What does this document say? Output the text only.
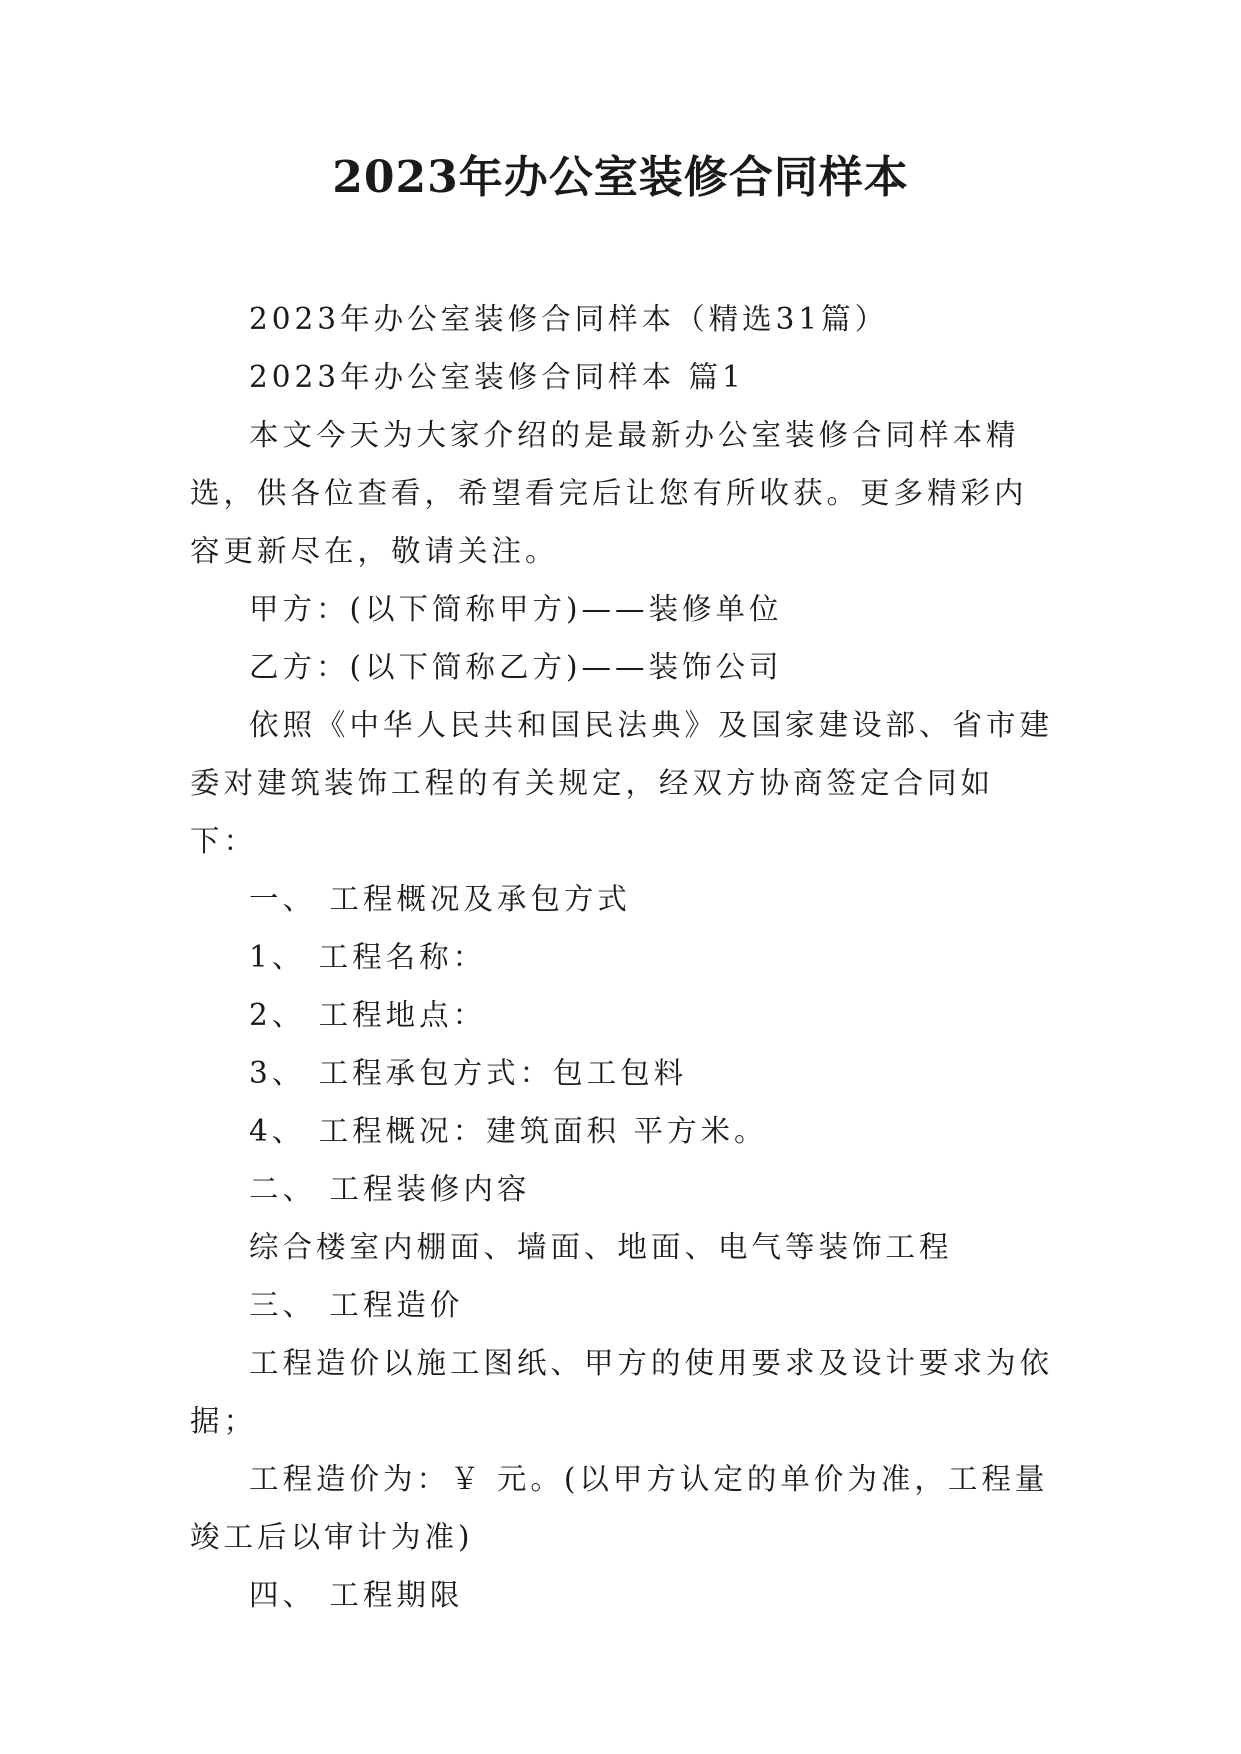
2023年办公室装修合同样本

2023年办公室装修合同样本（精选31篇）

2023年办公室装修合同样本 篇1

本文今天为大家介绍的是最新办公室装修合同样本精选，供各位查看，希望看完后让您有所收获。更多精彩内容更新尽在，敬请关注。

甲方：(以下简称甲方)——装修单位

乙方：(以下简称乙方)——装饰公司

依照《中华人民共和国民法典》及国家建设部、省市建委对建筑装饰工程的有关规定，经双方协商签定合同如下：

一、 工程概况及承包方式

1、 工程名称：

2、 工程地点：

3、 工程承包方式：包工包料

4、 工程概况：建筑面积 平方米。

二、 工程装修内容

综合楼室内棚面、墙面、地面、电气等装饰工程

三、 工程造价

工程造价以施工图纸、甲方的使用要求及设计要求为依据；

工程造价为：￥ 元。(以甲方认定的单价为准，工程量竣工后以审计为准)

四、 工程期限
